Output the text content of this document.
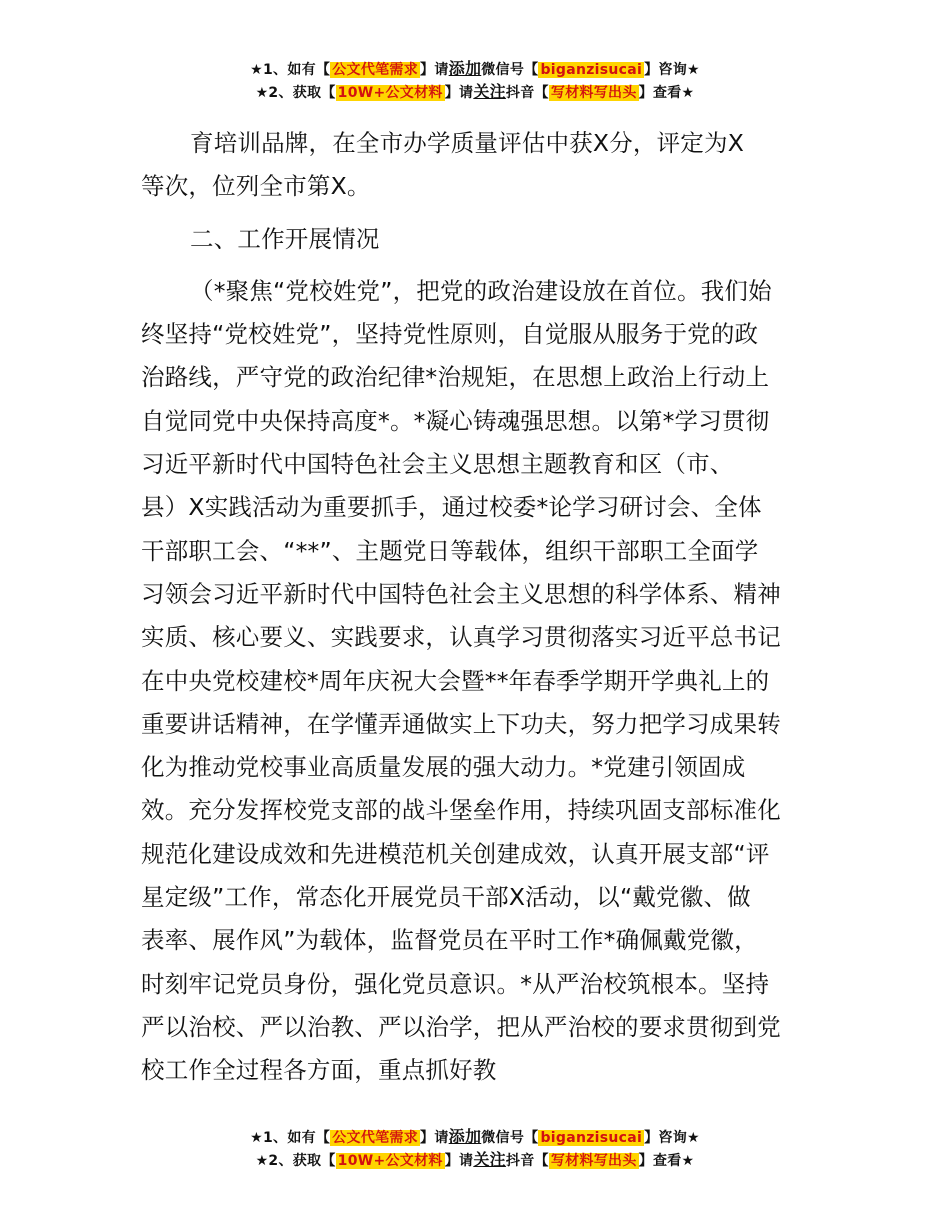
★1、如有【 公文代笔需求 】请添加微信号【 biganzisucai 】咨询★
★2、获取【 10W+公文材料 】请关注抖音【 写材料写出头 】查看★

育培训品牌，在全市办学质量评估中获X分，评定为X

等次，位列全市第X。

二、工作开展情况

（*聚焦“党校姓党”，把党的政治建设放在首位。我们始

终坚持“党校姓党”，坚持党性原则，自觉服从服务于党的政

治路线，严守党的政治纪律*治规矩，在思想上政治上行动上

自觉同党中央保持高度*。*凝心铸魂强思想。以第*学习贯彻

习近平新时代中国特色社会主义思想主题教育和区（市、

县）X实践活动为重要抓手，通过校委*论学习研讨会、全体

干部职工会、“**”、主题党日等载体，组织干部职工全面学

习领会习近平新时代中国特色社会主义思想的科学体系、精神

实质、核心要义、实践要求，认真学习贯彻落实习近平总书记

在中央党校建校*周年庆祝大会暨**年春季学期开学典礼上的

重要讲话精神，在学懂弄通做实上下功夫，努力把学习成果转

化为推动党校事业高质量发展的强大动力。*党建引领固成

效。充分发挥校党支部的战斗堡垒作用，持续巩固支部标准化

规范化建设成效和先进模范机关创建成效，认真开展支部“评

星定级”工作，常态化开展党员干部X活动，以“戴党徽、做

表率、展作风”为载体，监督党员在平时工作*确佩戴党徽，

时刻牢记党员身份，强化党员意识。*从严治校筑根本。坚持

严以治校、严以治教、严以治学，把从严治校的要求贯彻到党

校工作全过程各方面，重点抓好教

★1、如有【 公文代笔需求 】请添加微信号【 biganzisucai 】咨询★
★2、获取【 10W+公文材料 】请关注抖音【 写材料写出头 】查看★
